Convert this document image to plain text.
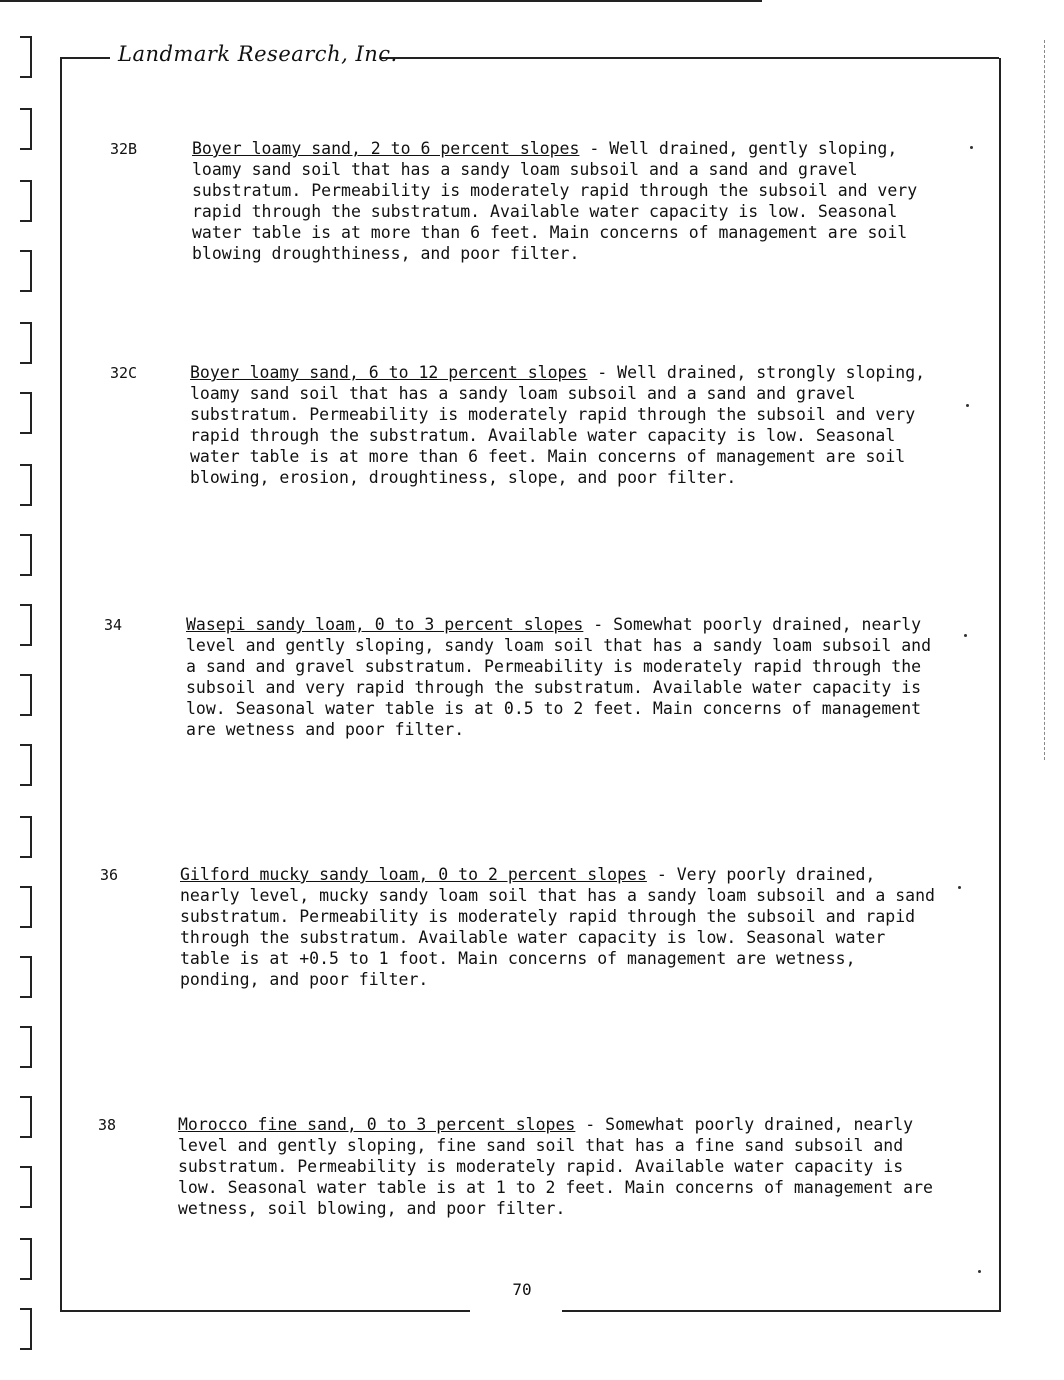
Landmark Research, Inc.
32B	Boyer loamy sand, 2 to 6 percent slopes - Well drained, gently sloping, loamy sand soil that has a sandy loam subsoil and a sand and gravel substratum. Permeability is moderately rapid through the subsoil and very rapid through the substratum. Available water capacity is low. Seasonal water table is at more than 6 feet. Main concerns of management are soil blowing droughthiness, and poor filter.
32C	Boyer loamy sand, 6 to 12 percent slopes - Well drained, strongly sloping, loamy sand soil that has a sandy loam subsoil and a sand and gravel substratum. Permeability is moderately rapid through the subsoil and very rapid through the substratum. Available water capacity is low. Seasonal water table is at more than 6 feet. Main concerns of management are soil blowing, erosion, droughtiness, slope, and poor filter.
34	Wasepi sandy loam, 0 to 3 percent slopes - Somewhat poorly drained, nearly level and gently sloping, sandy loam soil that has a sandy loam subsoil and a sand and gravel substratum. Permeability is moderately rapid through the subsoil and very rapid through the substratum. Available water capacity is low. Seasonal water table is at 0.5 to 2 feet. Main concerns of management are wetness and poor filter.
36	Gilford mucky sandy loam, 0 to 2 percent slopes - Very poorly drained, nearly level, mucky sandy loam soil that has a sandy loam subsoil and a sand substratum. Permeability is moderately rapid through the subsoil and rapid through the substratum. Available water capacity is low. Seasonal water table is at +0.5 to 1 foot. Main concerns of management are wetness, ponding, and poor filter.
38	Morocco fine sand, 0 to 3 percent slopes - Somewhat poorly drained, nearly level and gently sloping, fine sand soil that has a fine sand subsoil and substratum. Permeability is moderately rapid. Available water capacity is low. Seasonal water table is at 1 to 2 feet. Main concerns of management are wetness, soil blowing, and poor filter.
70
